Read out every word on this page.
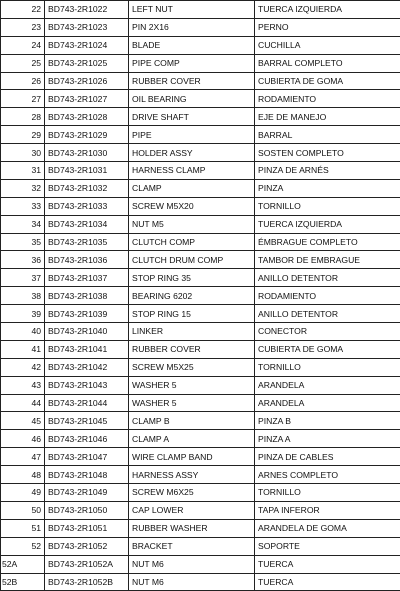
22	BD743-2R1022	LEFT NUT	TUERCA IZQUIERDA
23	BD743-2R1023	PIN 2X16	PERNO
24	BD743-2R1024	BLADE	CUCHILLA
25	BD743-2R1025	PIPE COMP	BARRAL COMPLETO
26	BD743-2R1026	RUBBER COVER	CUBIERTA DE GOMA
27	BD743-2R1027	OIL BEARING	RODAMIENTO
28	BD743-2R1028	DRIVE SHAFT	EJE DE MANEJO
29	BD743-2R1029	PIPE	BARRAL
30	BD743-2R1030	HOLDER ASSY	SOSTEN COMPLETO
31	BD743-2R1031	HARNESS CLAMP	PINZA DE ARNÉS
32	BD743-2R1032	CLAMP	PINZA
33	BD743-2R1033	SCREW M5X20	TORNILLO
34	BD743-2R1034	NUT M5	TUERCA IZQUIERDA
35	BD743-2R1035	CLUTCH COMP	ÉMBRAGUE COMPLETO
36	BD743-2R1036	CLUTCH DRUM COMP	TAMBOR DE EMBRAGUE
37	BD743-2R1037	STOP RING 35	ANILLO DETENTOR
38	BD743-2R1038	BEARING 6202	RODAMIENTO
39	BD743-2R1039	STOP RING 15	ANILLO DETENTOR
40	BD743-2R1040	LINKER	CONECTOR
41	BD743-2R1041	RUBBER COVER	CUBIERTA DE GOMA
42	BD743-2R1042	SCREW M5X25	TORNILLO
43	BD743-2R1043	WASHER 5	ARANDELA
44	BD743-2R1044	WASHER 5	ARANDELA
45	BD743-2R1045	CLAMP B	PINZA B
46	BD743-2R1046	CLAMP A	PINZA A
47	BD743-2R1047	WIRE CLAMP BAND	PINZA DE CABLES
48	BD743-2R1048	HARNESS ASSY	ARNES COMPLETO
49	BD743-2R1049	SCREW M6X25	TORNILLO
50	BD743-2R1050	CAP LOWER	TAPA INFEROR
51	BD743-2R1051	RUBBER WASHER	ARANDELA DE GOMA
52	BD743-2R1052	BRACKET	SOPORTE
52A	BD743-2R1052A	NUT M6	TUERCA
52B	BD743-2R1052B	NUT M6	TUERCA
